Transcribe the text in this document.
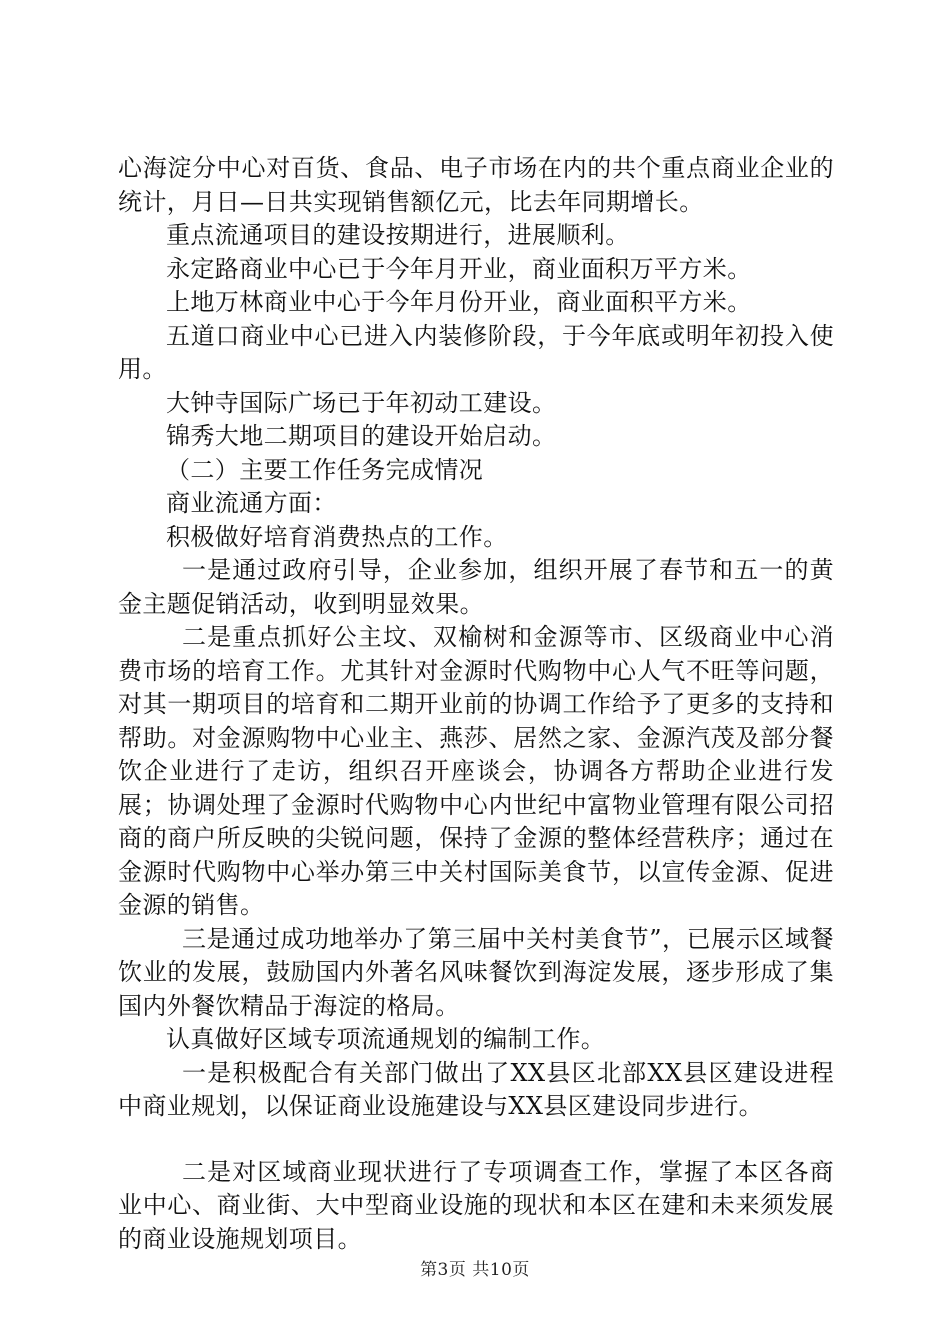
心海淀分中心对百货、食品、电子市场在内的共个重点商业企业的统计，月日—日共实现销售额亿元，比去年同期增长。

重点流通项目的建设按期进行，进展顺利。

永定路商业中心已于今年月开业，商业面积万平方米。

上地万林商业中心于今年月份开业，商业面积平方米。

五道口商业中心已进入内装修阶段，于今年底或明年初投入使用。

大钟寺国际广场已于年初动工建设。

锦秀大地二期项目的建设开始启动。

（二）主要工作任务完成情况

商业流通方面：

积极做好培育消费热点的工作。

一是通过政府引导，企业参加，组织开展了春节和五一的黄金主题促销活动，收到明显效果。

二是重点抓好公主坟、双榆树和金源等市、区级商业中心消费市场的培育工作。尤其针对金源时代购物中心人气不旺等问题，对其一期项目的培育和二期开业前的协调工作给予了更多的支持和帮助。对金源购物中心业主、燕莎、居然之家、金源汽茂及部分餐饮企业进行了走访，组织召开座谈会，协调各方帮助企业进行发展；协调处理了金源时代购物中心内世纪中富物业管理有限公司招商的商户所反映的尖锐问题，保持了金源的整体经营秩序；通过在金源时代购物中心举办第三中关村国际美食节，以宣传金源、促进金源的销售。

三是通过成功地举办了第三届中关村美食节”，已展示区域餐饮业的发展，鼓励国内外著名风味餐饮到海淀发展，逐步形成了集国内外餐饮精品于海淀的格局。

认真做好区域专项流通规划的编制工作。

一是积极配合有关部门做出了XX县区北部XX县区建设进程中商业规划，以保证商业设施建设与XX县区建设同步进行。

二是对区域商业现状进行了专项调查工作，掌握了本区各商业中心、商业街、大中型商业设施的现状和本区在建和未来须发展的商业设施规划项目。

第3页 共10页
